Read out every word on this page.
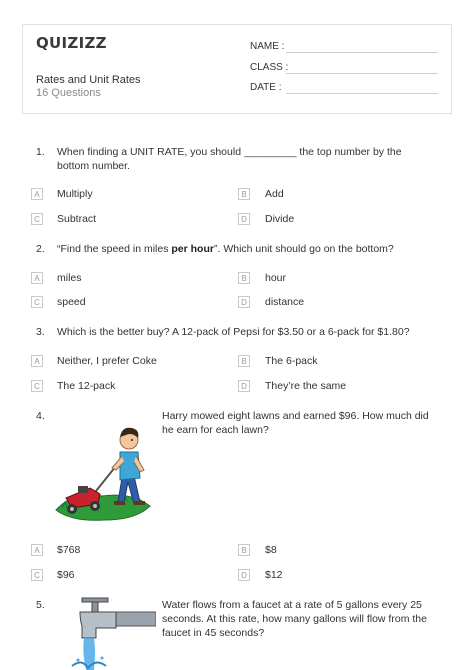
QUIZIZZ
Rates and Unit Rates
16 Questions
NAME :
CLASS :
DATE :
1. When finding a UNIT RATE, you should _________ the top number by the bottom number.
A	Multiply	B	Add
C Subtract	D Divide
2. “Find the speed in miles per hour”. Which unit should go on the bottom?
A	miles	B	hour
C speed	D distance
3. Which is the better buy? A 12-pack of Pepsi for $3.50 or a 6-pack for $1.80?
A	Neither, I prefer Coke	B	The 6-pack
C The 12-pack	D They’re the same
4.	Harry mowed eight lawns and earned $96. How much did he earn for each lawn?
A	$768	B	$8
C $96	D $12
5.	Water flows from a faucet at a rate of 5 gallons every 25 seconds. At this rate, how many gallons will flow from the faucet in 45 seconds?
